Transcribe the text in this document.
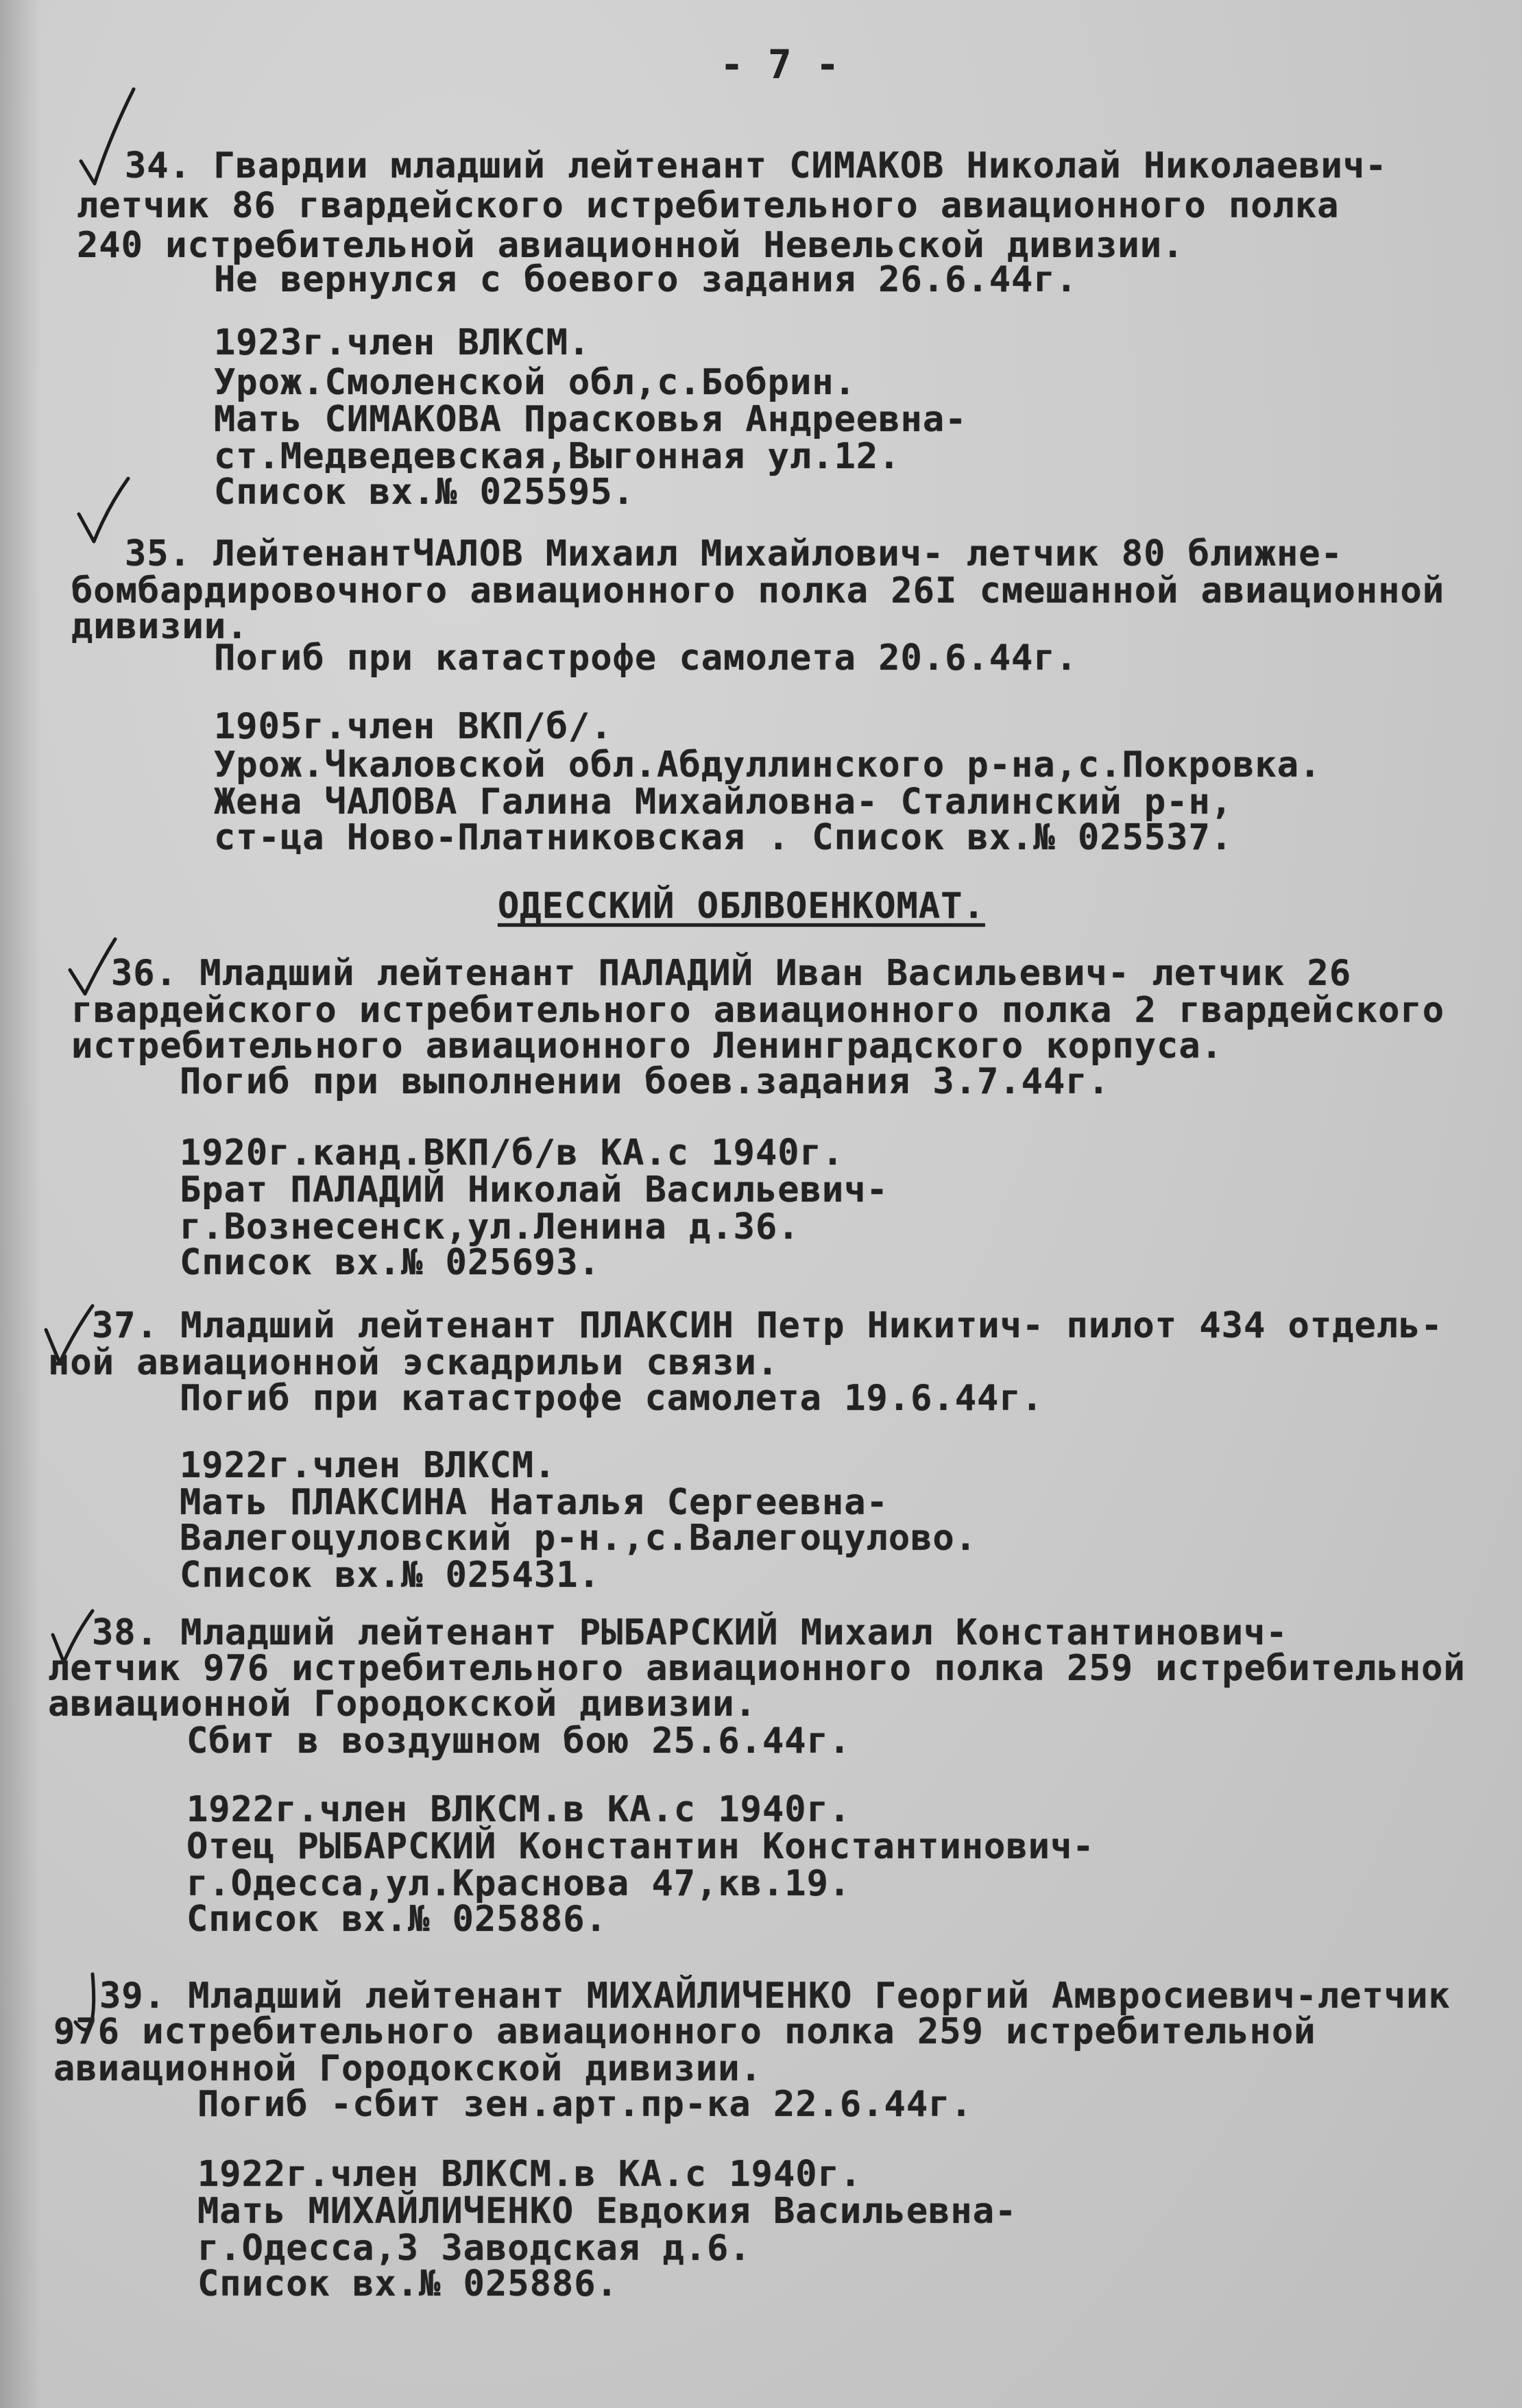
- 7 -
34. Гвардии младший лейтенант СИМАКОВ Николай Николаевич-
летчик 86 гвардейского истребительного авиационного полка
240 истребительной авиационной Невельской дивизии.
Не вернулся с боевого задания 26.6.44г.
1923г.член ВЛКСМ.
Урож.Смоленской обл,с.Бобрин.
Мать СИМАКОВА Прасковья Андреевна-
ст.Медведевская,Выгонная ул.12.
Список вх.№ 025595.
35. ЛейтенантЧАЛОВ Михаил Михайлович- летчик 80 ближне-
бомбардировочного авиационного полка 26I смешанной авиационной
дивизии.
Погиб при катастрофе самолета 20.6.44г.
1905г.член ВКП/б/.
Урож.Чкаловской обл.Абдуллинского р-на,с.Покровка.
Жена ЧАЛОВА Галина Михайловна- Сталинский р-н,
ст-ца Ново-Платниковская . Список вх.№ 025537.
ОДЕССКИЙ ОБЛВОЕНКОМАТ.
36. Младший лейтенант ПАЛАДИЙ Иван Васильевич- летчик 26
гвардейского истребительного авиационного полка 2 гвардейского
истребительного авиационного Ленинградского корпуса.
Погиб при выполнении боев.задания 3.7.44г.
1920г.канд.ВКП/б/в КА.с 1940г.
Брат ПАЛАДИЙ Николай Васильевич-
г.Вознесенск,ул.Ленина д.36.
Список вх.№ 025693.
37. Младший лейтенант ПЛАКСИН Петр Никитич- пилот 434 отдель-
ной авиационной эскадрильи связи.
Погиб при катастрофе самолета 19.6.44г.
1922г.член ВЛКСМ.
Мать ПЛАКСИНА Наталья Сергеевна-
Валегоцуловский р-н.,с.Валегоцулово.
Список вх.№ 025431.
38. Младший лейтенант РЫБАРСКИЙ Михаил Константинович-
летчик 976 истребительного авиационного полка 259 истребительной
авиационной Городокской дивизии.
Сбит в воздушном бою 25.6.44г.
1922г.член ВЛКСМ.в КА.с 1940г.
Отец РЫБАРСКИЙ Константин Константинович-
г.Одесса,ул.Краснова 47,кв.19.
Список вх.№ 025886.
39. Младший лейтенант МИХАЙЛИЧЕНКО Георгий Амвросиевич-летчик
976 истребительного авиационного полка 259 истребительной
авиационной Городокской дивизии.
Погиб -сбит зен.арт.пр-ка 22.6.44г.
1922г.член ВЛКСМ.в КА.с 1940г.
Мать МИХАЙЛИЧЕНКО Евдокия Васильевна-
г.Одесса,3 Заводская д.6.
Список вх.№ 025886.
